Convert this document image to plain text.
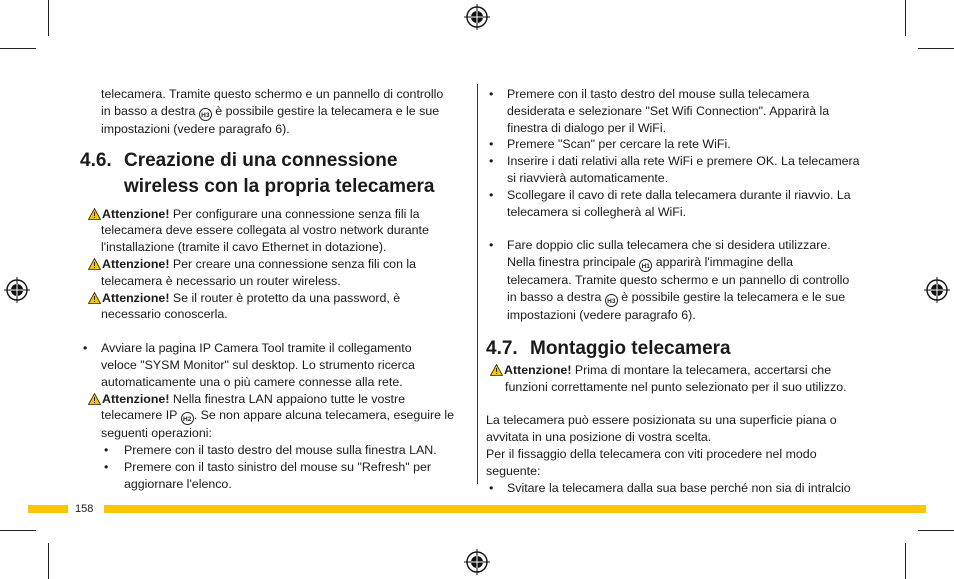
telecamera. Tramite questo schermo e un pannello di controllo
in basso a destra H3 è possibile gestire la telecamera e le sue
impostazioni (vedere paragrafo 6).

4.6. Creazione di una connessione
wireless con la propria telecamera

Attenzione! Per configurare una connessione senza fili la
telecamera deve essere collegata al vostro network durante
l'installazione (tramite il cavo Ethernet in dotazione).

Attenzione! Per creare una connessione senza fili con la
telecamera è necessario un router wireless.

Attenzione! Se il router è protetto da una password, è
necessario conoscerla.

•	Avviare la pagina IP Camera Tool tramite il collegamento
veloce "SYSM Monitor" sul desktop. Lo strumento ricerca
automaticamente una o più camere connesse alla rete.

Attenzione! Nella finestra LAN appaiono tutte le vostre
telecamere IP H2 . Se non appare alcuna telecamera, eseguire le
seguenti operazioni:

•	Premere con il tasto destro del mouse sulla finestra LAN.
•	Premere con il tasto sinistro del mouse su "Refresh" per
aggiornare l'elenco.
•	Premere con il tasto destro del mouse sulla telecamera
desiderata e selezionare "Set Wifi Connection". Apparirà la
finestra di dialogo per il WiFi.
•	Premere "Scan" per cercare la rete WiFi.
•	Inserire i dati relativi alla rete WiFi e premere OK. La telecamera
si riavvierà automaticamente.
•	Scollegare il cavo di rete dalla telecamera durante il riavvio. La
telecamera si collegherà al WiFi.
•	Fare doppio clic sulla telecamera che si desidera utilizzare.
Nella finestra principale H1 apparirà l'immagine della
telecamera. Tramite questo schermo e un pannello di controllo
in basso a destra H3 è possibile gestire la telecamera e le sue
impostazioni (vedere paragrafo 6).
4.7. Montaggio telecamera

Attenzione! Prima di montare la telecamera, accertarsi che
funzioni correttamente nel punto selezionato per il suo utilizzo.

La telecamera può essere posizionata su una superficie piana o
avvitata in una posizione di vostra scelta.
Per il fissaggio della telecamera con viti procedere nel modo
seguente:

•	Svitare la telecamera dalla sua base perché non sia di intralcio
158
